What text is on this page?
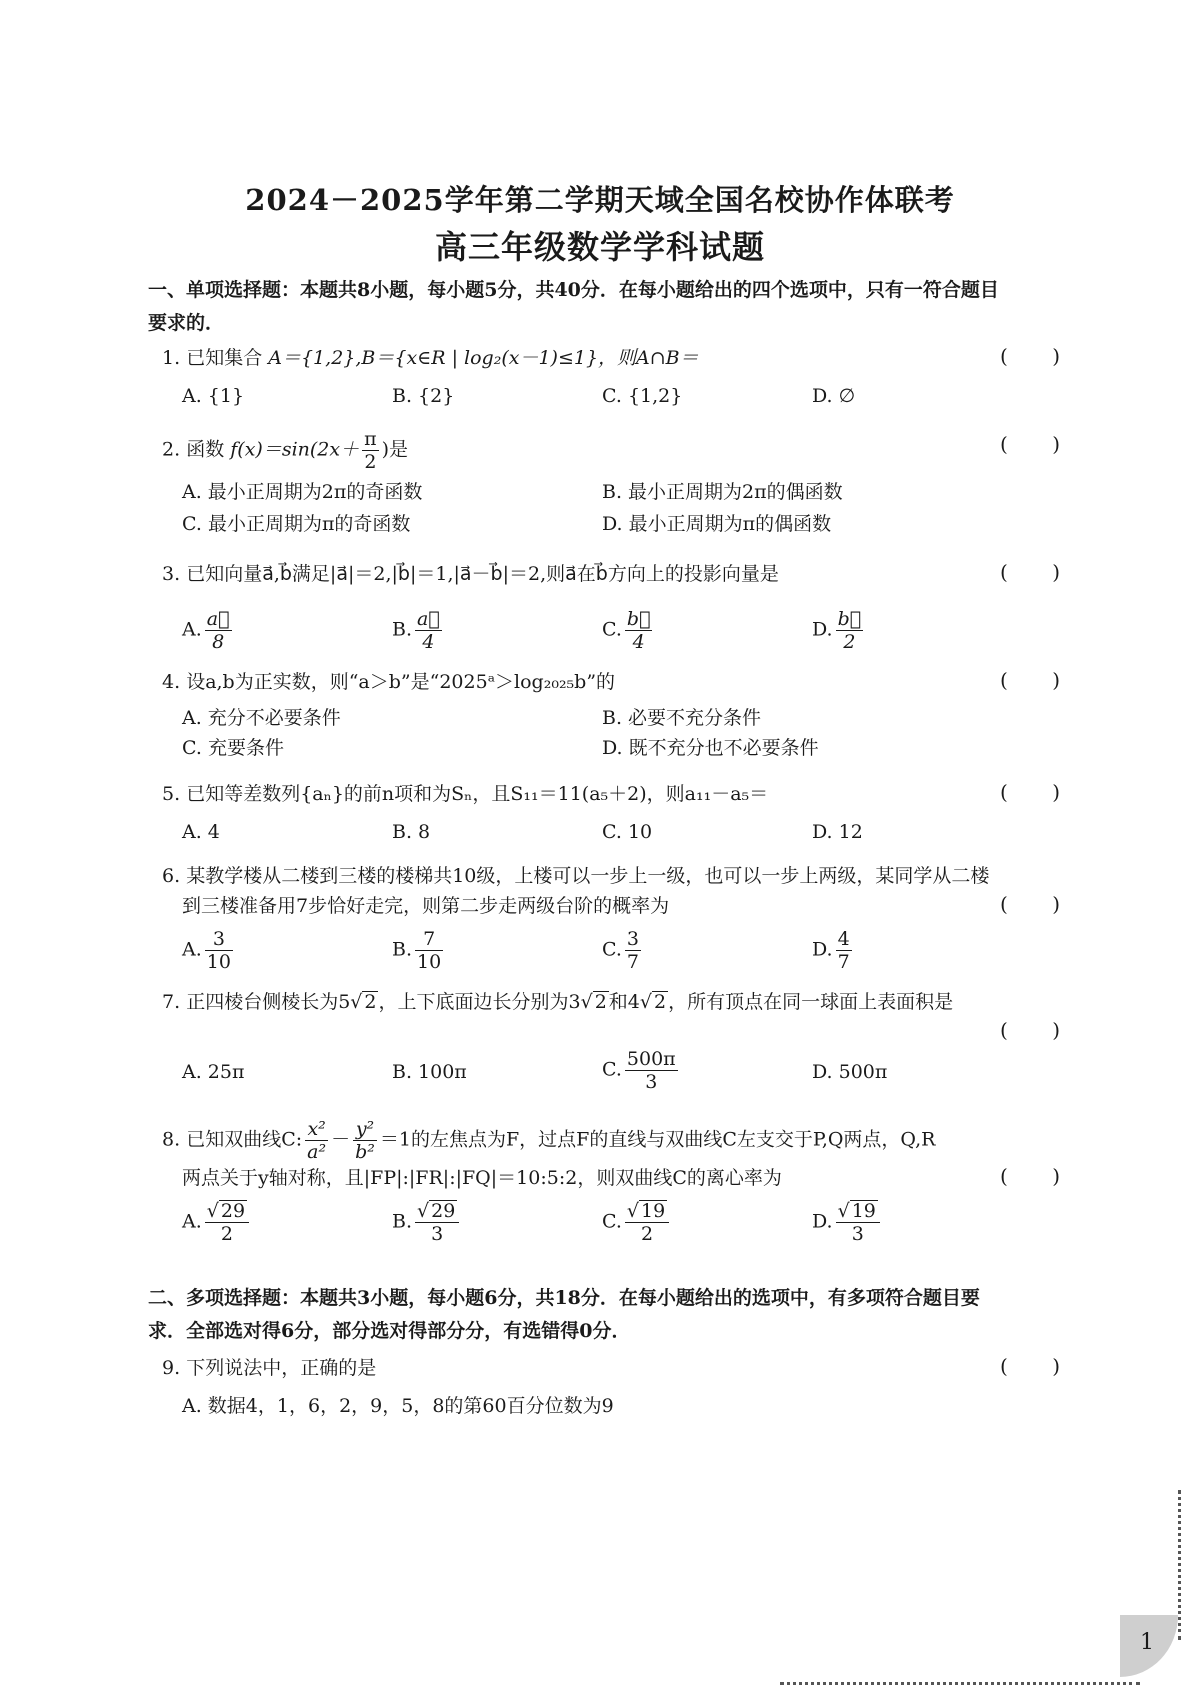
2024－2025学年第二学期天域全国名校协作体联考
高三年级数学学科试题
一、单项选择题：本题共8小题，每小题5分，共40分．在每小题给出的四个选项中，只有一符合题目
要求的．
1. 已知集合 A＝{1,2},B＝{x∈R | log₂(x－1)≤1}，则A∩B＝	(       )
A. {1}	B. {2}	C. {1,2}	D. ∅
2. 函数 $f(x)=\sin(2x+ \frac{\pi}{2}$ )是	(       )
A. 最小正周期为2π的奇函数	B. 最小正周期为2π的偶函数
C. 最小正周期为π的奇函数	D. 最小正周期为π的偶函数
3. 已知向量a⃗,b⃗满足|a⃗|＝2,|b⃗|＝1,|a⃗－b⃗|＝2,则a⃗在b⃗方向上的投影向量是	(       )
A. $\frac{a⃗}{8}$	B. $\frac{a⃗}{4}$	C. $\frac{b⃗}{4}$	D. $\frac{b⃗}{2}$
4. 设a,b为正实数，则“a＞b”是“2025ᵃ＞log₂₀₂₅b”的	(       )
A. 充分不必要条件	B. 必要不充分条件
C. 充要条件	D. 既不充分也不必要条件
5. 已知等差数列{aₙ}的前n项和为Sₙ，且S₁₁＝11(a₅＋2)，则a₁₁－a₅＝	(       )
A. 4	B. 8	C. 10	D. 12
6. 某教学楼从二楼到三楼的楼梯共10级，上楼可以一步上一级，也可以一步上两级，某同学从二楼
到三楼准备用7步恰好走完，则第二步走两级台阶的概率为	(       )
A. $\frac{3}{10}$	B. $\frac{7}{10}$	C. $\frac{3}{7}$	D. $\frac{4}{7}$
7. 正四棱台侧棱长为5√ 2 ，上下底面边长分别为3√ 2 和4√ 2 ，所有顶点在同一球面上表面积是
(       )
A. 25π	B. 100π	C. $\frac{500\pi}{3}$	D. 500π
8. 已知双曲线C: $\frac{\text{x²}}{\text{a²}} - \frac{\text{y²}}{\text{b²}} =1$的左焦点为F，过点F的直线与双曲线C左支交于P,Q两点，Q,R
两点关于y轴对称，且|FP|:|FR|:|FQ|＝10:5:2，则双曲线C的离心率为	(       )
A. $\frac{√ 29}{2}$	B. $\frac{√ 29}{3}$	C. $\frac{√ 19}{2}$	D. $\frac{√ 19}{3}$
二、多项选择题：本题共3小题，每小题6分，共18分．在每小题给出的选项中，有多项符合题目要
求．全部选对得6分，部分选对得部分分，有选错得0分．
9. 下列说法中，正确的是	(       )
A. 数据4，1，6，2，9，5，8的第60百分位数为9
1
